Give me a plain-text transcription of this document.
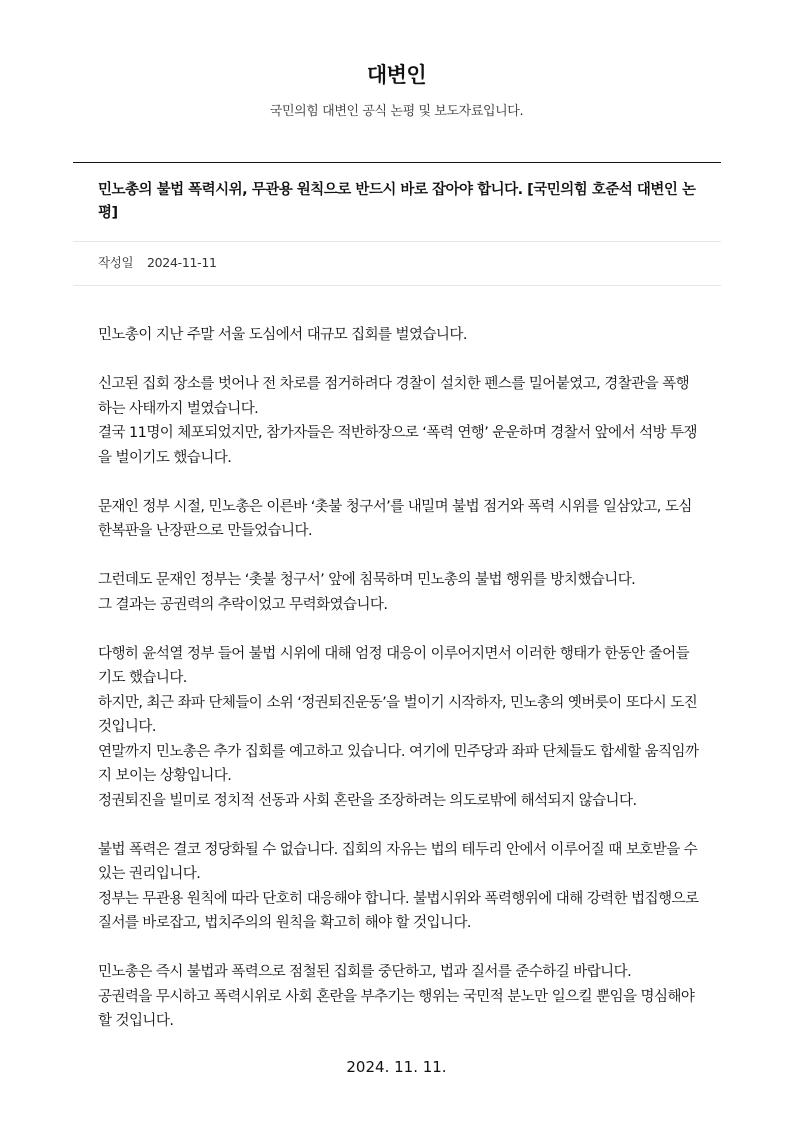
대변인
국민의힘 대변인 공식 논평 및 보도자료입니다.
민노총의 불법 폭력시위, 무관용 원칙으로 반드시 바로 잡아야 합니다. [국민의힘 호준석 대변인 논평]
작성일 2024-11-11

민노총이 지난 주말 서울 도심에서 대규모 집회를 벌였습니다.

신고된 집회 장소를 벗어나 전 차로를 점거하려다 경찰이 설치한 펜스를 밀어붙였고, 경찰관을 폭행하는 사태까지 벌였습니다.
결국 11명이 체포되었지만, 참가자들은 적반하장으로 ‘폭력 연행’ 운운하며 경찰서 앞에서 석방 투쟁을 벌이기도 했습니다.

문재인 정부 시절, 민노총은 이른바 ‘촛불 청구서’를 내밀며 불법 점거와 폭력 시위를 일삼았고, 도심 한복판을 난장판으로 만들었습니다.

그런데도 문재인 정부는 ‘촛불 청구서’ 앞에 침묵하며 민노총의 불법 행위를 방치했습니다.
그 결과는 공권력의 추락이었고 무력화였습니다.

다행히 윤석열 정부 들어 불법 시위에 대해 엄정 대응이 이루어지면서 이러한 행태가 한동안 줄어들기도 했습니다.
하지만, 최근 좌파 단체들이 소위 ‘정권퇴진운동’을 벌이기 시작하자, 민노총의 옛버릇이 또다시 도진 것입니다.
연말까지 민노총은 추가 집회를 예고하고 있습니다. 여기에 민주당과 좌파 단체들도 합세할 움직임까지 보이는 상황입니다.
정권퇴진을 빌미로 정치적 선동과 사회 혼란을 조장하려는 의도로밖에 해석되지 않습니다.

불법 폭력은 결코 정당화될 수 없습니다. 집회의 자유는 법의 테두리 안에서 이루어질 때 보호받을 수 있는 권리입니다.
정부는 무관용 원칙에 따라 단호히 대응해야 합니다. 불법시위와 폭력행위에 대해 강력한 법집행으로 질서를 바로잡고, 법치주의의 원칙을 확고히 해야 할 것입니다.

민노총은 즉시 불법과 폭력으로 점철된 집회를 중단하고, 법과 질서를 준수하길 바랍니다.
공권력을 무시하고 폭력시위로 사회 혼란을 부추기는 행위는 국민적 분노만 일으킬 뿐임을 명심해야 할 것입니다.

2024. 11. 11.
